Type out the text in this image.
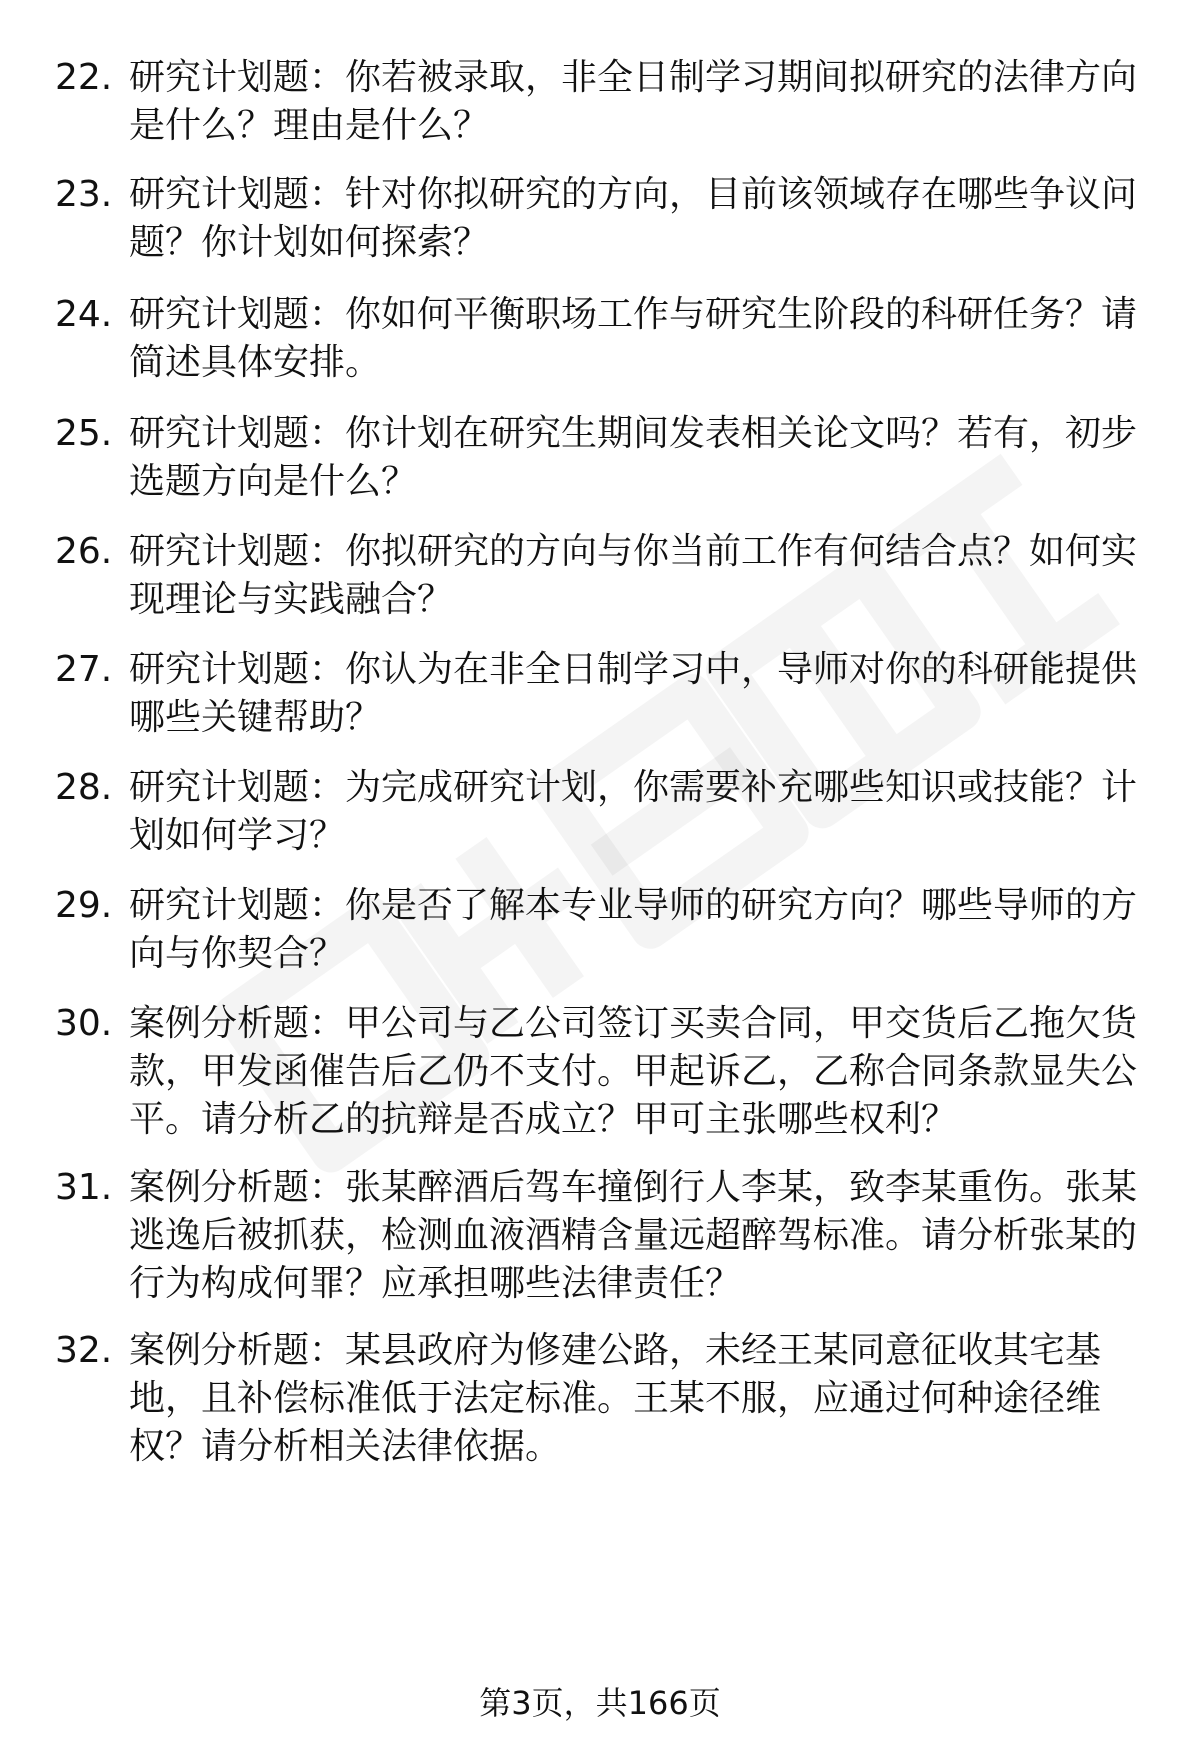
22. 研究计划题：你若被录取，非全日制学习期间拟研究的法律方向是什么？理由是什么？
23. 研究计划题：针对你拟研究的方向，目前该领域存在哪些争议问题？你计划如何探索？
24. 研究计划题：你如何平衡职场工作与研究生阶段的科研任务？请简述具体安排。
25. 研究计划题：你计划在研究生期间发表相关论文吗？若有，初步选题方向是什么？
26. 研究计划题：你拟研究的方向与你当前工作有何结合点？如何实现理论与实践融合？
27. 研究计划题：你认为在非全日制学习中，导师对你的科研能提供哪些关键帮助？
28. 研究计划题：为完成研究计划，你需要补充哪些知识或技能？计划如何学习？
29. 研究计划题：你是否了解本专业导师的研究方向？哪些导师的方向与你契合？
30. 案例分析题：甲公司与乙公司签订买卖合同，甲交货后乙拖欠货款，甲发函催告后乙仍不支付。甲起诉乙，乙称合同条款显失公平。请分析乙的抗辩是否成立？甲可主张哪些权利？
31. 案例分析题：张某醉酒后驾车撞倒行人李某，致李某重伤。张某逃逸后被抓获，检测血液酒精含量远超醉驾标准。请分析张某的行为构成何罪？应承担哪些法律责任？
32. 案例分析题：某县政府为修建公路，未经王某同意征收其宅基地，且补偿标准低于法定标准。王某不服，应通过何种途径维权？请分析相关法律依据。
第3页，共166页
